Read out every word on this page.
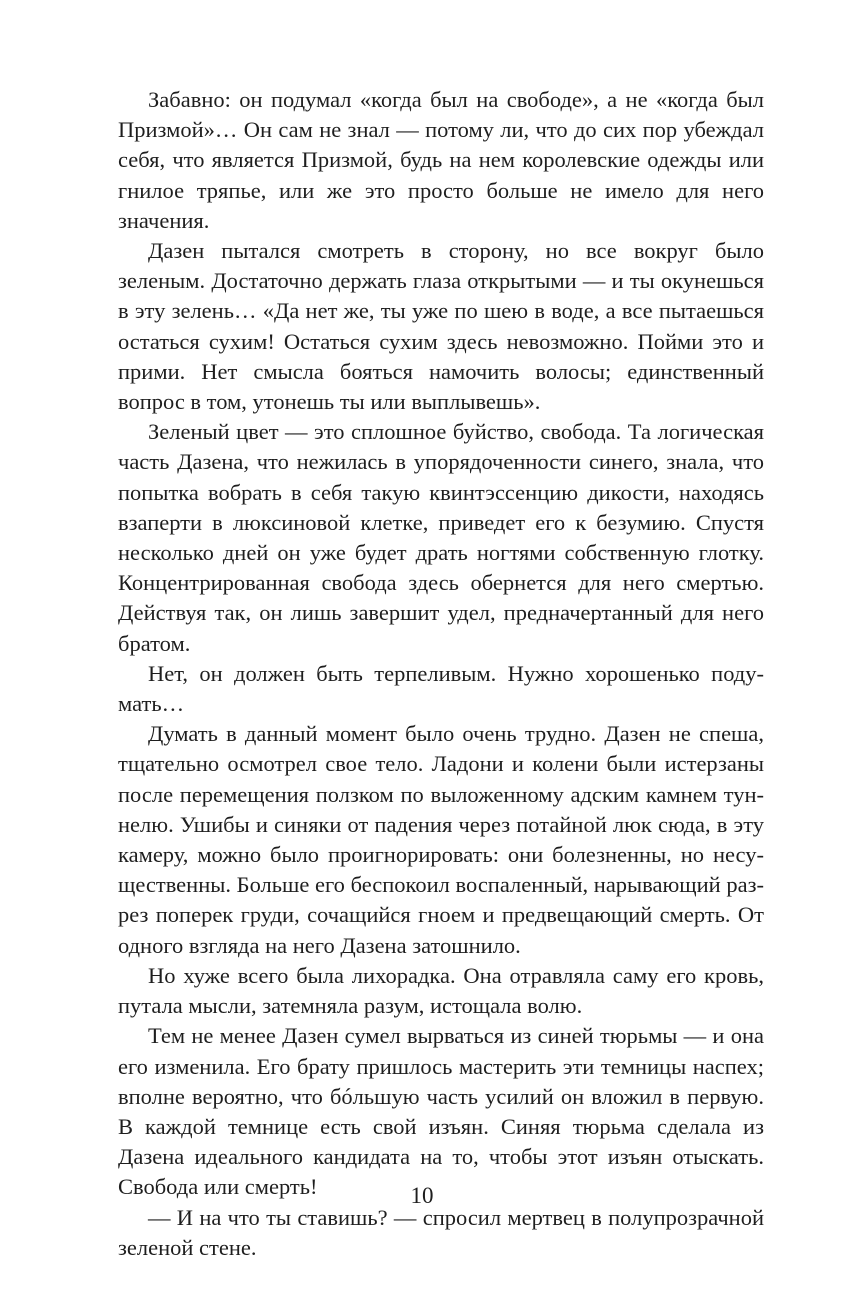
Забавно: он подумал «когда был на свободе», а не «когда был Призмой»… Он сам не знал — потому ли, что до сих пор убеждал себя, что является Призмой, будь на нем королевские одежды или гнилое тряпье, или же это просто больше не имело для него значения.

Дазен пытался смотреть в сторону, но все вокруг было зеленым. Достаточно держать глаза открытыми — и ты окунешься в эту зелень… «Да нет же, ты уже по шею в воде, а все пытаешься остаться сухим! Остаться сухим здесь невозможно. Пойми это и прими. Нет смысла бояться намочить волосы; единственный вопрос в том, утонешь ты или выплывешь».

Зеленый цвет — это сплошное буйство, свобода. Та логическая часть Дазена, что нежилась в упорядоченности синего, знала, что попытка вобрать в себя такую квинтэссенцию дикости, находясь взаперти в люксиновой клетке, приведет его к безумию. Спустя несколько дней он уже будет драть ногтями собственную глотку. Концентрированная свобода здесь обернется для него смертью. Действуя так, он лишь завершит удел, предначертанный для него братом.

Нет, он должен быть терпеливым. Нужно хорошенько подумать…

Думать в данный момент было очень трудно. Дазен не спеша, тщательно осмотрел свое тело. Ладони и колени были истерзаны после перемещения ползком по выложенному адским камнем туннелю. Ушибы и синяки от падения через потайной люк сюда, в эту камеру, можно было проигнорировать: они болезненны, но несущественны. Больше его беспокоил воспаленный, нарывающий разрез поперек груди, сочащийся гноем и предвещающий смерть. От одного взгляда на него Дазена затошнило.

Но хуже всего была лихорадка. Она отравляла саму его кровь, путала мысли, затемняла разум, истощала волю.

Тем не менее Дазен сумел вырваться из синей тюрьмы — и она его изменила. Его брату пришлось мастерить эти темницы наспех; вполне вероятно, что бóльшую часть усилий он вложил в первую. В каждой темнице есть свой изъян. Синяя тюрьма сделала из Дазена идеального кандидата на то, чтобы этот изъян отыскать. Свобода или смерть!

— И на что ты ставишь? — спросил мертвец в полупрозрачной зеленой стене.

10
